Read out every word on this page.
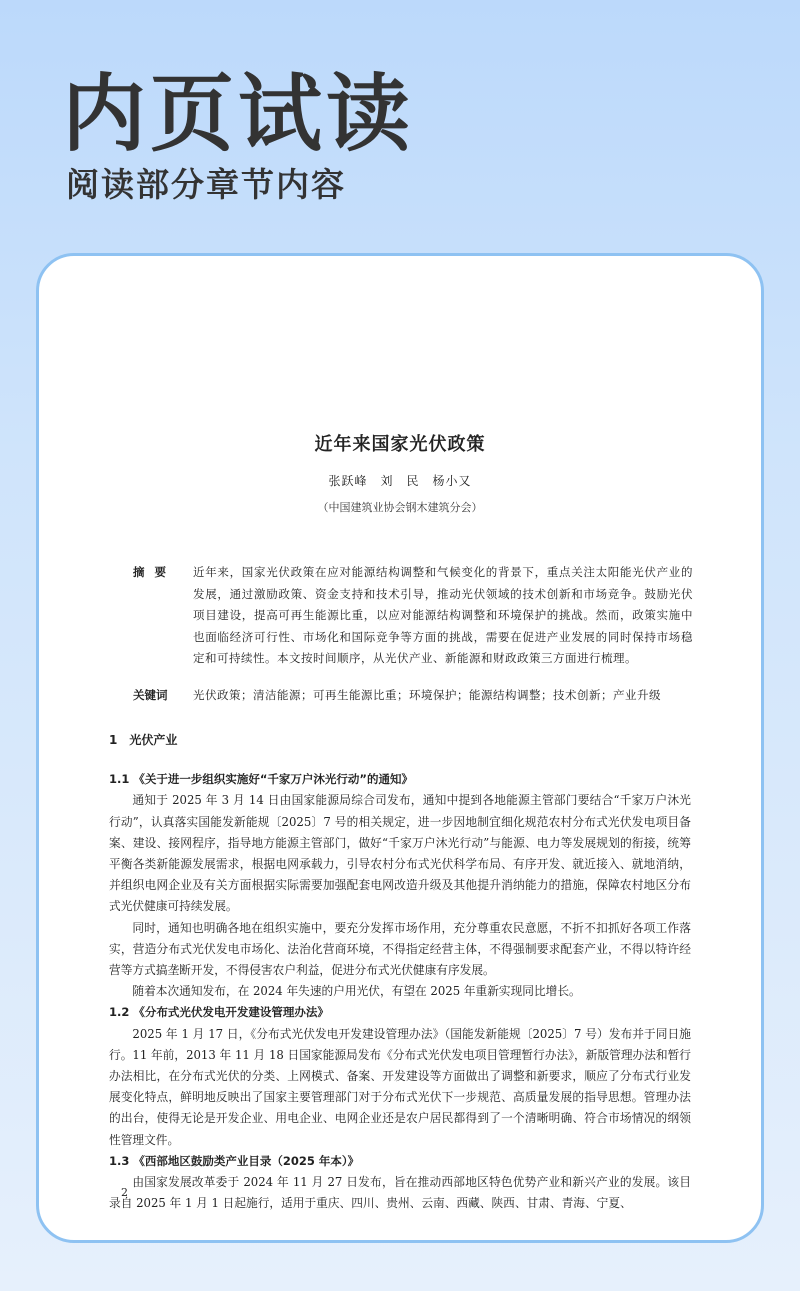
内页试读
阅读部分章节内容
近年来国家光伏政策
张跃峰　刘　民　杨小又
（中国建筑业协会钢木建筑分会）
摘要	近年来，国家光伏政策在应对能源结构调整和气候变化的背景下，重点关注太阳能光伏产业的发展，通过激励政策、资金支持和技术引导，推动光伏领域的技术创新和市场竞争。鼓励光伏项目建设，提高可再生能源比重，以应对能源结构调整和环境保护的挑战。然而，政策实施中也面临经济可行性、市场化和国际竞争等方面的挑战，需要在促进产业发展的同时保持市场稳定和可持续性。本文按时间顺序，从光伏产业、新能源和财政政策三方面进行梳理。
关键词	光伏政策；清洁能源；可再生能源比重；环境保护；能源结构调整；技术创新；产业升级

1　光伏产业

1.1 《关于进一步组织实施好“千家万户沐光行动”的通知》

通知于 2025 年 3 月 14 日由国家能源局综合司发布，通知中提到各地能源主管部门要结合“千家万户沐光行动”，认真落实国能发新能规〔2025〕7 号的相关规定，进一步因地制宜细化规范农村分布式光伏发电项目备案、建设、接网程序，指导地方能源主管部门，做好“千家万户沐光行动”与能源、电力等发展规划的衔接，统筹平衡各类新能源发展需求，根据电网承载力，引导农村分布式光伏科学布局、有序开发、就近接入、就地消纳，并组织电网企业及有关方面根据实际需要加强配套电网改造升级及其他提升消纳能力的措施，保障农村地区分布式光伏健康可持续发展。

同时，通知也明确各地在组织实施中，要充分发挥市场作用，充分尊重农民意愿，不折不扣抓好各项工作落实，营造分布式光伏发电市场化、法治化营商环境，不得指定经营主体，不得强制要求配套产业，不得以特许经营等方式搞垄断开发，不得侵害农户利益，促进分布式光伏健康有序发展。

随着本次通知发布，在 2024 年失速的户用光伏，有望在 2025 年重新实现同比增长。

1.2 《分布式光伏发电开发建设管理办法》

2025 年 1 月 17 日，《分布式光伏发电开发建设管理办法》（国能发新能规〔2025〕7 号）发布并于同日施行。11 年前，2013 年 11 月 18 日国家能源局发布《分布式光伏发电项目管理暂行办法》，新版管理办法和暂行办法相比，在分布式光伏的分类、上网模式、备案、开发建设等方面做出了调整和新要求，顺应了分布式行业发展变化特点，鲜明地反映出了国家主要管理部门对于分布式光伏下一步规范、高质量发展的指导思想。管理办法的出台，使得无论是开发企业、用电企业、电网企业还是农户居民都得到了一个清晰明确、符合市场情况的纲领性管理文件。

1.3 《西部地区鼓励类产业目录（2025 年本）》

由国家发展改革委于 2024 年 11 月 27 日发布，旨在推动西部地区特色优势产业和新兴产业的发展。该目录自 2025 年 1 月 1 日起施行，适用于重庆、四川、贵州、云南、西藏、陕西、甘肃、青海、宁夏、

2
